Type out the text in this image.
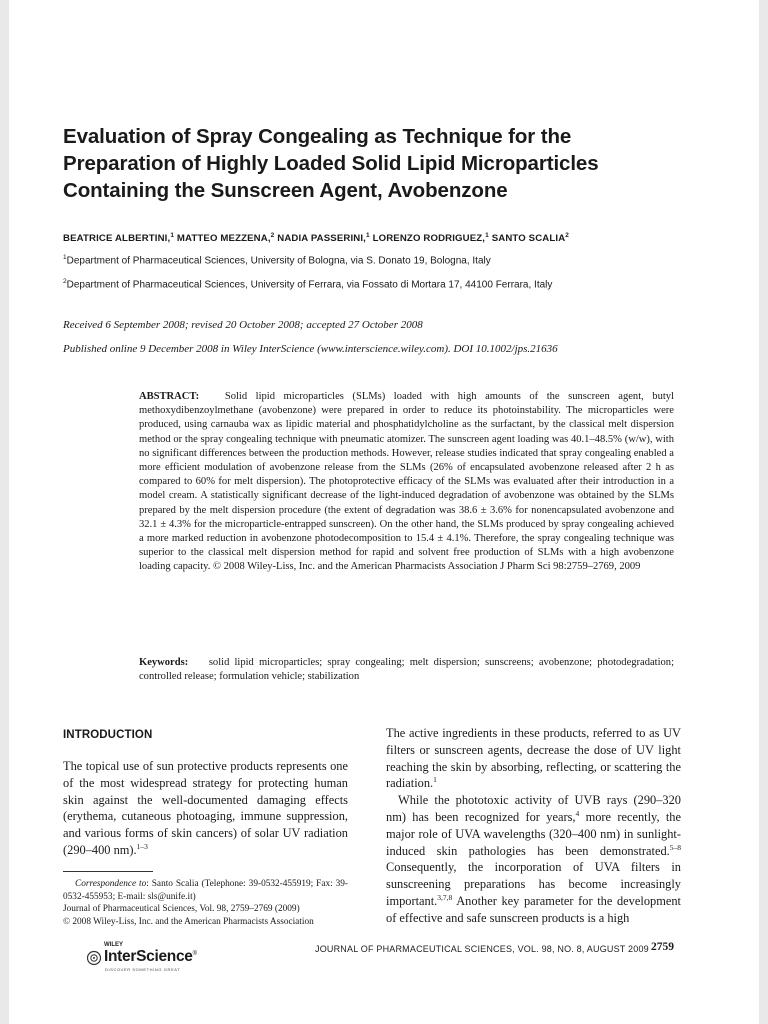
Evaluation of Spray Congealing as Technique for the
Preparation of Highly Loaded Solid Lipid Microparticles
Containing the Sunscreen Agent, Avobenzone
BEATRICE ALBERTINI,$^1$ MATTEO MEZZENA,$^2$ NADIA PASSERINI,$^1$ LORENZO RODRIGUEZ,$^1$ SANTO SCALIA$^2$
$^1$Department of Pharmaceutical Sciences, University of Bologna, via S. Donato 19, Bologna, Italy
$^2$Department of Pharmaceutical Sciences, University of Ferrara, via Fossato di Mortara 17, 44100 Ferrara, Italy
Received 6 September 2008; revised 20 October 2008; accepted 27 October 2008
Published online 9 December 2008 in Wiley InterScience (www.interscience.wiley.com). DOI 10.1002/jps.21636
ABSTRACT: Solid lipid microparticles (SLMs) loaded with high amounts of the sunscreen agent, butyl methoxydibenzoylmethane (avobenzone) were prepared in order to reduce its photoinstability. The microparticles were produced, using carnauba wax as lipidic material and phosphatidylcholine as the surfactant, by the classical melt dispersion method or the spray congealing technique with pneumatic atomizer. The sunscreen agent loading was 40.1–48.5% (w/w), with no significant differences between the production methods. However, release studies indicated that spray congealing enabled a more efficient modulation of avobenzone release from the SLMs (26% of encapsulated avobenzone released after 2 h as compared to 60% for melt dispersion). The photoprotective efficacy of the SLMs was evaluated after their introduction in a model cream. A statistically significant decrease of the light-induced degradation of avobenzone was obtained by the SLMs prepared by the melt dispersion procedure (the extent of degradation was 38.6 ± 3.6% for nonencapsulated avobenzone and 32.1 ± 4.3% for the microparticle-entrapped sunscreen). On the other hand, the SLMs produced by spray congealing achieved a more marked reduction in avobenzone photodecomposition to 15.4 ± 4.1%. Therefore, the spray congealing technique was superior to the classical melt dispersion method for rapid and solvent free production of SLMs with a high avobenzone loading capacity. © 2008 Wiley-Liss, Inc. and the American Pharmacists Association J Pharm Sci 98:2759–2769, 2009
Keywords: solid lipid microparticles; spray congealing; melt dispersion; sunscreens; avobenzone; photodegradation; controlled release; formulation vehicle; stabilization
INTRODUCTION

The topical use of sun protective products represents one of the most widespread strategy for protecting human skin against the well-documented damaging effects (erythema, cutaneous photoaging, immune suppression, and various forms of skin cancers) of solar UV radiation (290–400 nm).$^{1-3}$

The active ingredients in these products, referred to as UV filters or sunscreen agents, decrease the dose of UV light reaching the skin by absorbing, reflecting, or scattering the radiation.$^1$

While the phototoxic activity of UVB rays (290–320 nm) has been recognized for years,$^4$ more recently, the major role of UVA wavelengths (320–400 nm) in sunlight-induced skin pathologies has been demonstrated.$^{5-8}$ Consequently, the incorporation of UVA filters in sunscreening preparations has become increasingly important.$^{3,7,8}$ Another key parameter for the development of effective and safe sunscreen products is a high

Correspondence to: Santo Scalia (Telephone: 39-0532-455919; Fax: 39-0532-455953; E-mail: sls@unife.it)

Journal of Pharmaceutical Sciences, Vol. 98, 2759–2769 (2009)

© 2008 Wiley-Liss, Inc. and the American Pharmacists Association

WILEY
InterScience®
DISCOVER SOMETHING GREAT
JOURNAL OF PHARMACEUTICAL SCIENCES, VOL. 98, NO. 8, AUGUST 2009 2759
